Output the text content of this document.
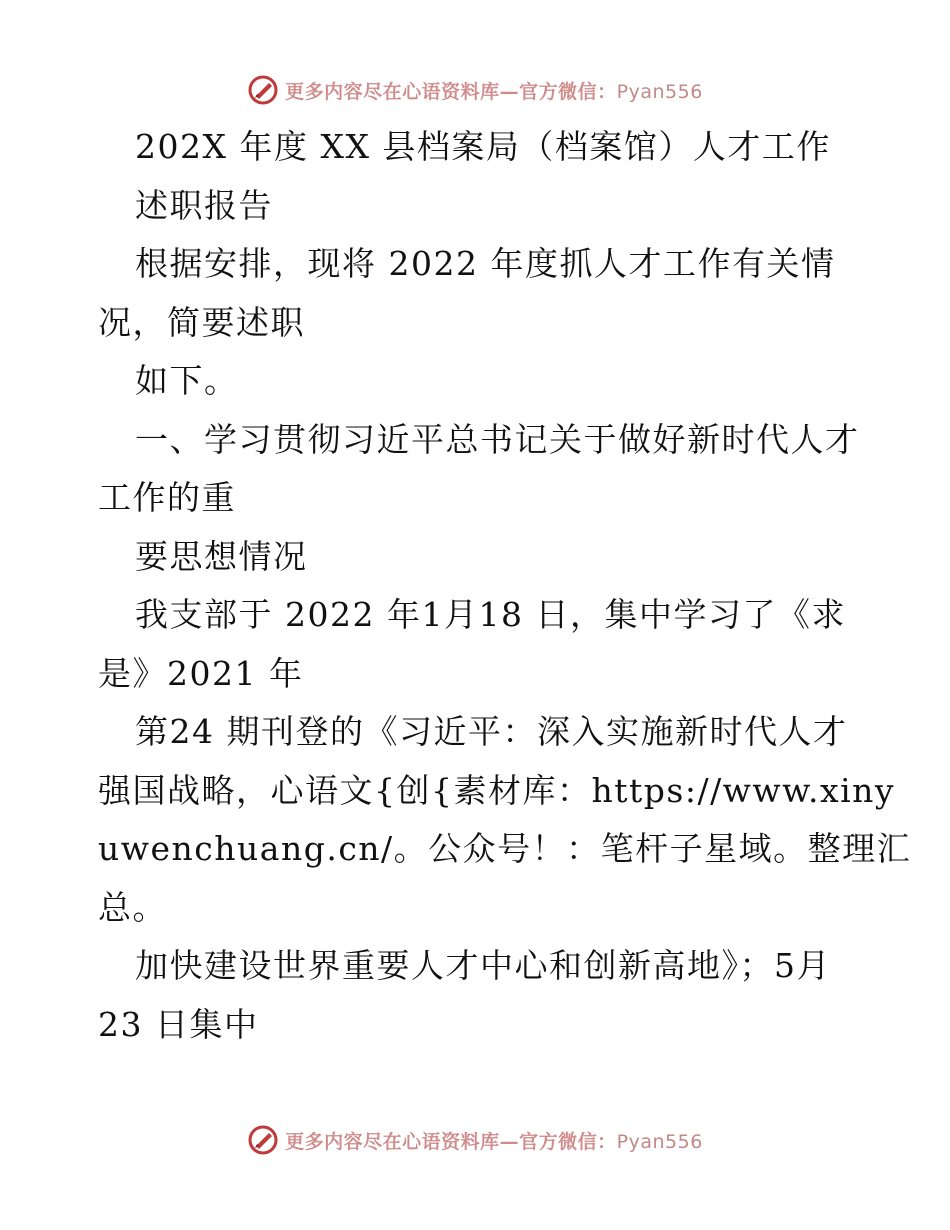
更多内容尽在心语资料库—官方微信：Pyan556
202X 年度 XX 县档案局（档案馆）人才工作
述职报告
根据安排，现将 2022 年度抓人才工作有关情
况，简要述职
如下。
一、学习贯彻习近平总书记关于做好新时代人才
工作的重
要思想情况
我支部于 2022 年1月18 日，集中学习了《求
是》2021 年
第24 期刊登的《习近平：深入实施新时代人才
强国战略，心语文{创{素材库：https://www.xiny
uwenchuang.cn/。公众号！：笔杆子星域。整理汇
总。
加快建设世界重要人才中心和创新高地》；5月
23 日集中
更多内容尽在心语资料库—官方微信：Pyan556
